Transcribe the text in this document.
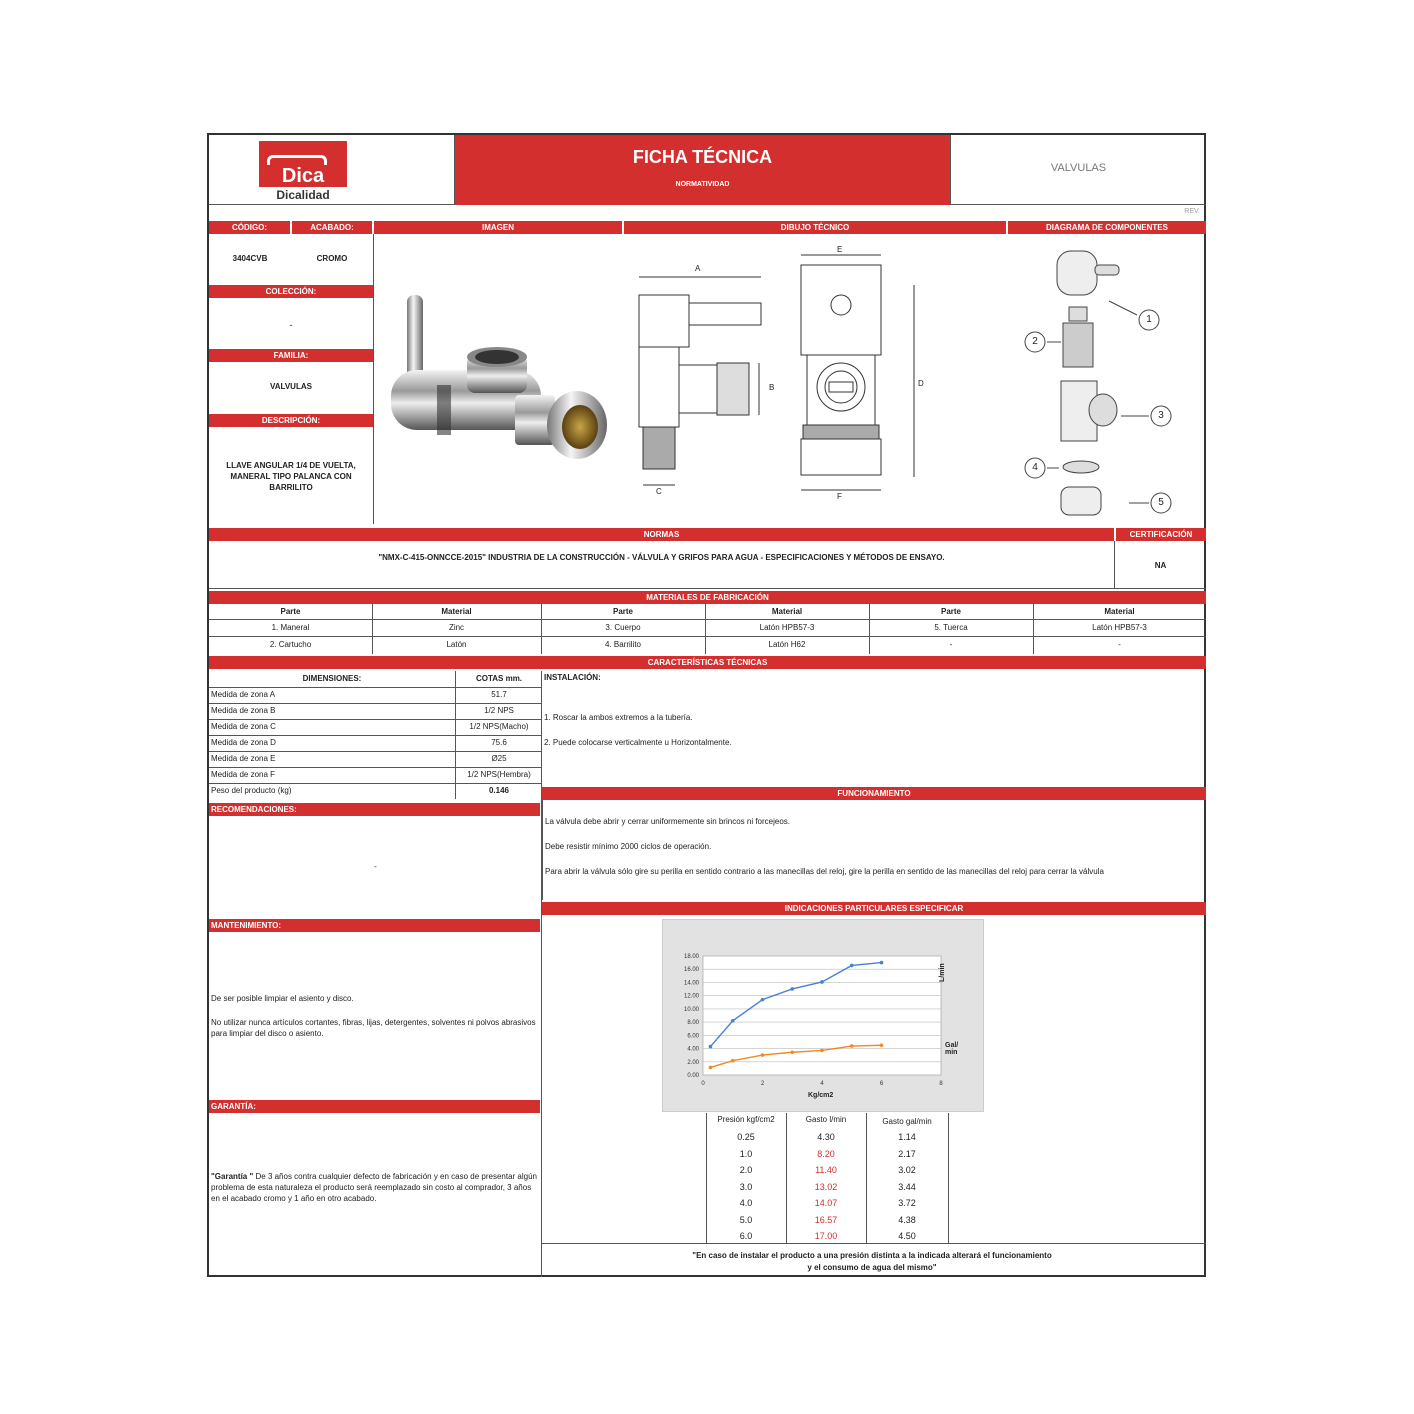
Dica
Dicalidad
FICHA TÉCNICA
NORMATIVIDAD
VALVULAS
REV.
CÓDIGO:	ACABADO:	IMAGEN	DIBUJO TÉCNICO	DIAGRAMA DE COMPONENTES
3404CVB	CROMO
COLECCIÓN:
-
FAMILIA:
VALVULAS
DESCRIPCIÓN:
LLAVE ANGULAR 1/4 DE VUELTA, MANERAL TIPO PALANCA CON BARRILITO
A
B
C
D
E
F
1
2
3
4
5
NORMAS	CERTIFICACIÓN
"NMX-C-415-ONNCCE-2015" INDUSTRIA DE LA CONSTRUCCIÓN - VÁLVULA Y GRIFOS PARA AGUA - ESPECIFICACIONES Y MÉTODOS DE ENSAYO.
NA
MATERIALES DE FABRICACIÓN
Parte	Material	Parte	Material	Parte	Material
1. Maneral	Zinc	3. Cuerpo	Latón HPB57-3	5. Tuerca	Latón HPB57-3
2. Cartucho	Latón	4. Barrilito	Latón H62	-	-
CARACTERÍSTICAS TÉCNICAS
DIMENSIONES:	COTAS mm.
Medida de zona A	51.7
Medida de zona B	1/2 NPS
Medida de zona C	1/2 NPS(Macho)
Medida de zona D	75.6
Medida de zona E	Ø25
Medida de zona F	1/2 NPS(Hembra)
Peso del producto (kg)	0.146
INSTALACIÓN:
1. Roscar la ambos extremos a la tubería.
2. Puede colocarse verticalmente u Horizontalmente.
FUNCIONAMIENTO
La válvula debe abrir y cerrar uniformemente sin brincos ni forcejeos.
Debe resistir mínimo 2000 ciclos de operación.
Para abrir la válvula sólo gire su perilla en sentido contrario a las manecillas del reloj, gire la perilla en sentido de las manecillas del reloj para cerrar la válvula
RECOMENDACIONES:
-
INDICACIONES PARTICULARES ESPECIFICAR
MANTENIMIENTO:
De ser posible limpiar el asiento y disco.
No utilizar nunca artículos cortantes, fibras, lijas, detergentes, solventes ni polvos abrasivos para limpiar del disco o asiento.
GARANTÍA:
"Garantía " De 3 años contra cualquier defecto de fabricación y en caso de presentar algún problema de esta naturaleza el producto será reemplazado sin costo al comprador, 3 años en el acabado cromo y 1 año en otro acabado.
0.00
2.00
4.00
6.00
8.00
10.00
12.00
14.00
16.00
18.00
0	2	4	6	8
Kg/cm2
L/min
Gal/ min
Presión kgf/cm2	Gasto l/min	Gasto gal/min
0.25	4.30	1.14
1.0	8.20	2.17
2.0	11.40	3.02
3.0	13.02	3.44
4.0	14.07	3.72
5.0	16.57	4.38
6.0	17.00	4.50
"En caso de instalar el producto a una presión distinta a la indicada alterará el funcionamiento y el consumo de agua del mismo"
